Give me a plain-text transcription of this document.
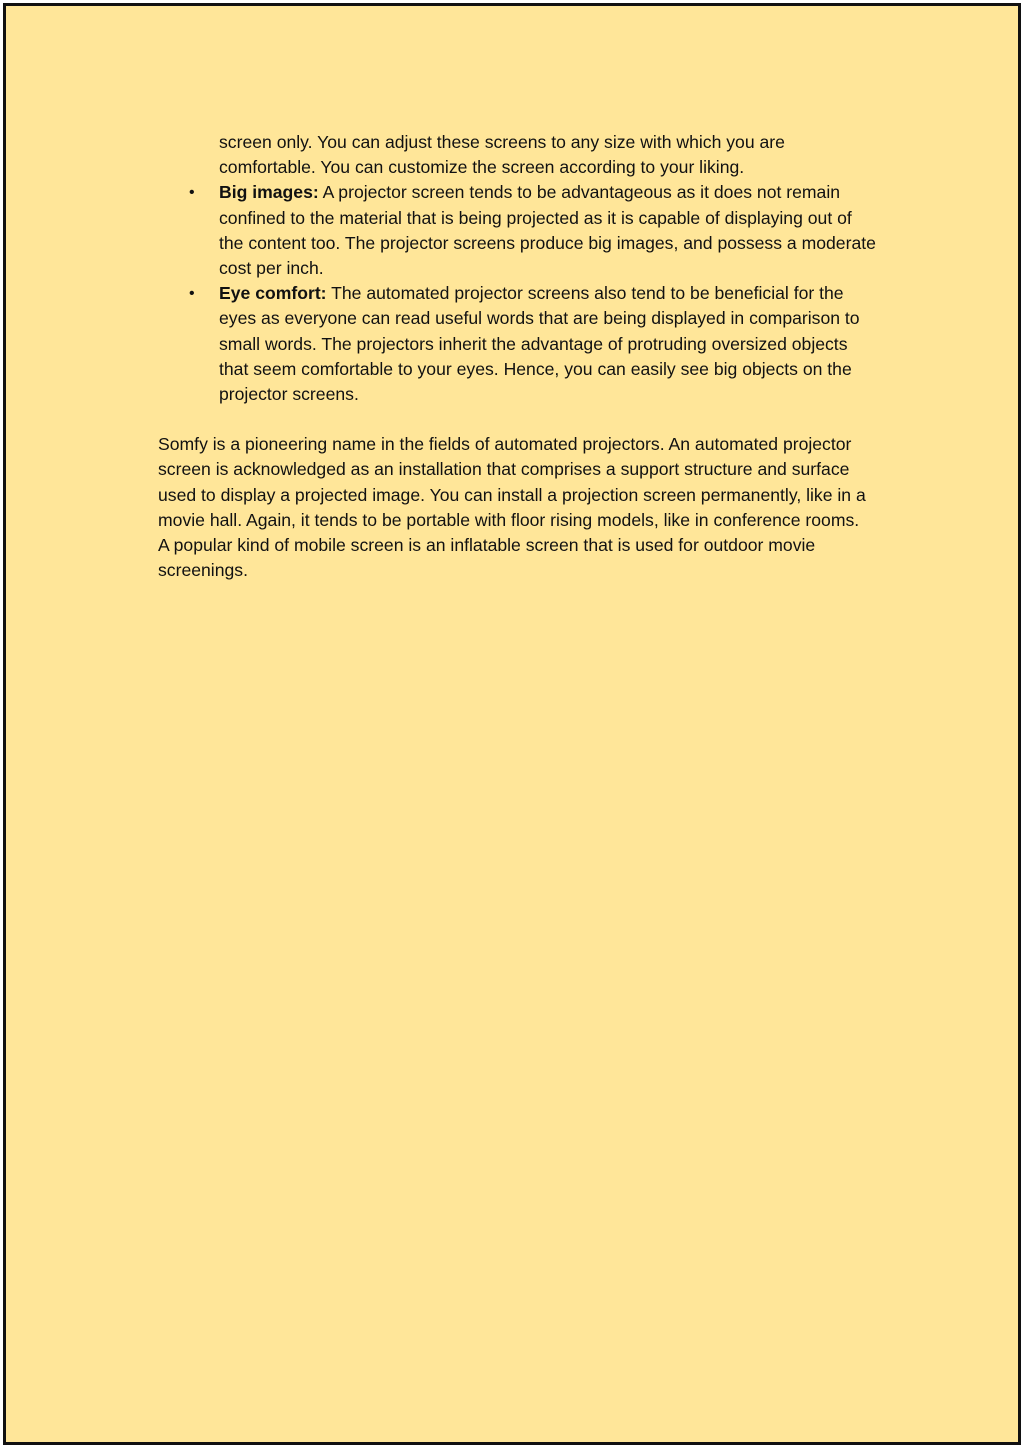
screen only. You can adjust these screens to any size with which you are comfortable. You can customize the screen according to your liking.

• Big images: A projector screen tends to be advantageous as it does not remain confined to the material that is being projected as it is capable of displaying out of the content too. The projector screens produce big images, and possess a moderate cost per inch.
• Eye comfort: The automated projector screens also tend to be beneficial for the eyes as everyone can read useful words that are being displayed in comparison to small words. The projectors inherit the advantage of protruding oversized objects that seem comfortable to your eyes. Hence, you can easily see big objects on the projector screens.

Somfy is a pioneering name in the fields of automated projectors. An automated projector screen is acknowledged as an installation that comprises a support structure and surface used to display a projected image. You can install a projection screen permanently, like in a movie hall. Again, it tends to be portable with floor rising models, like in conference rooms. A popular kind of mobile screen is an inflatable screen that is used for outdoor movie screenings.
